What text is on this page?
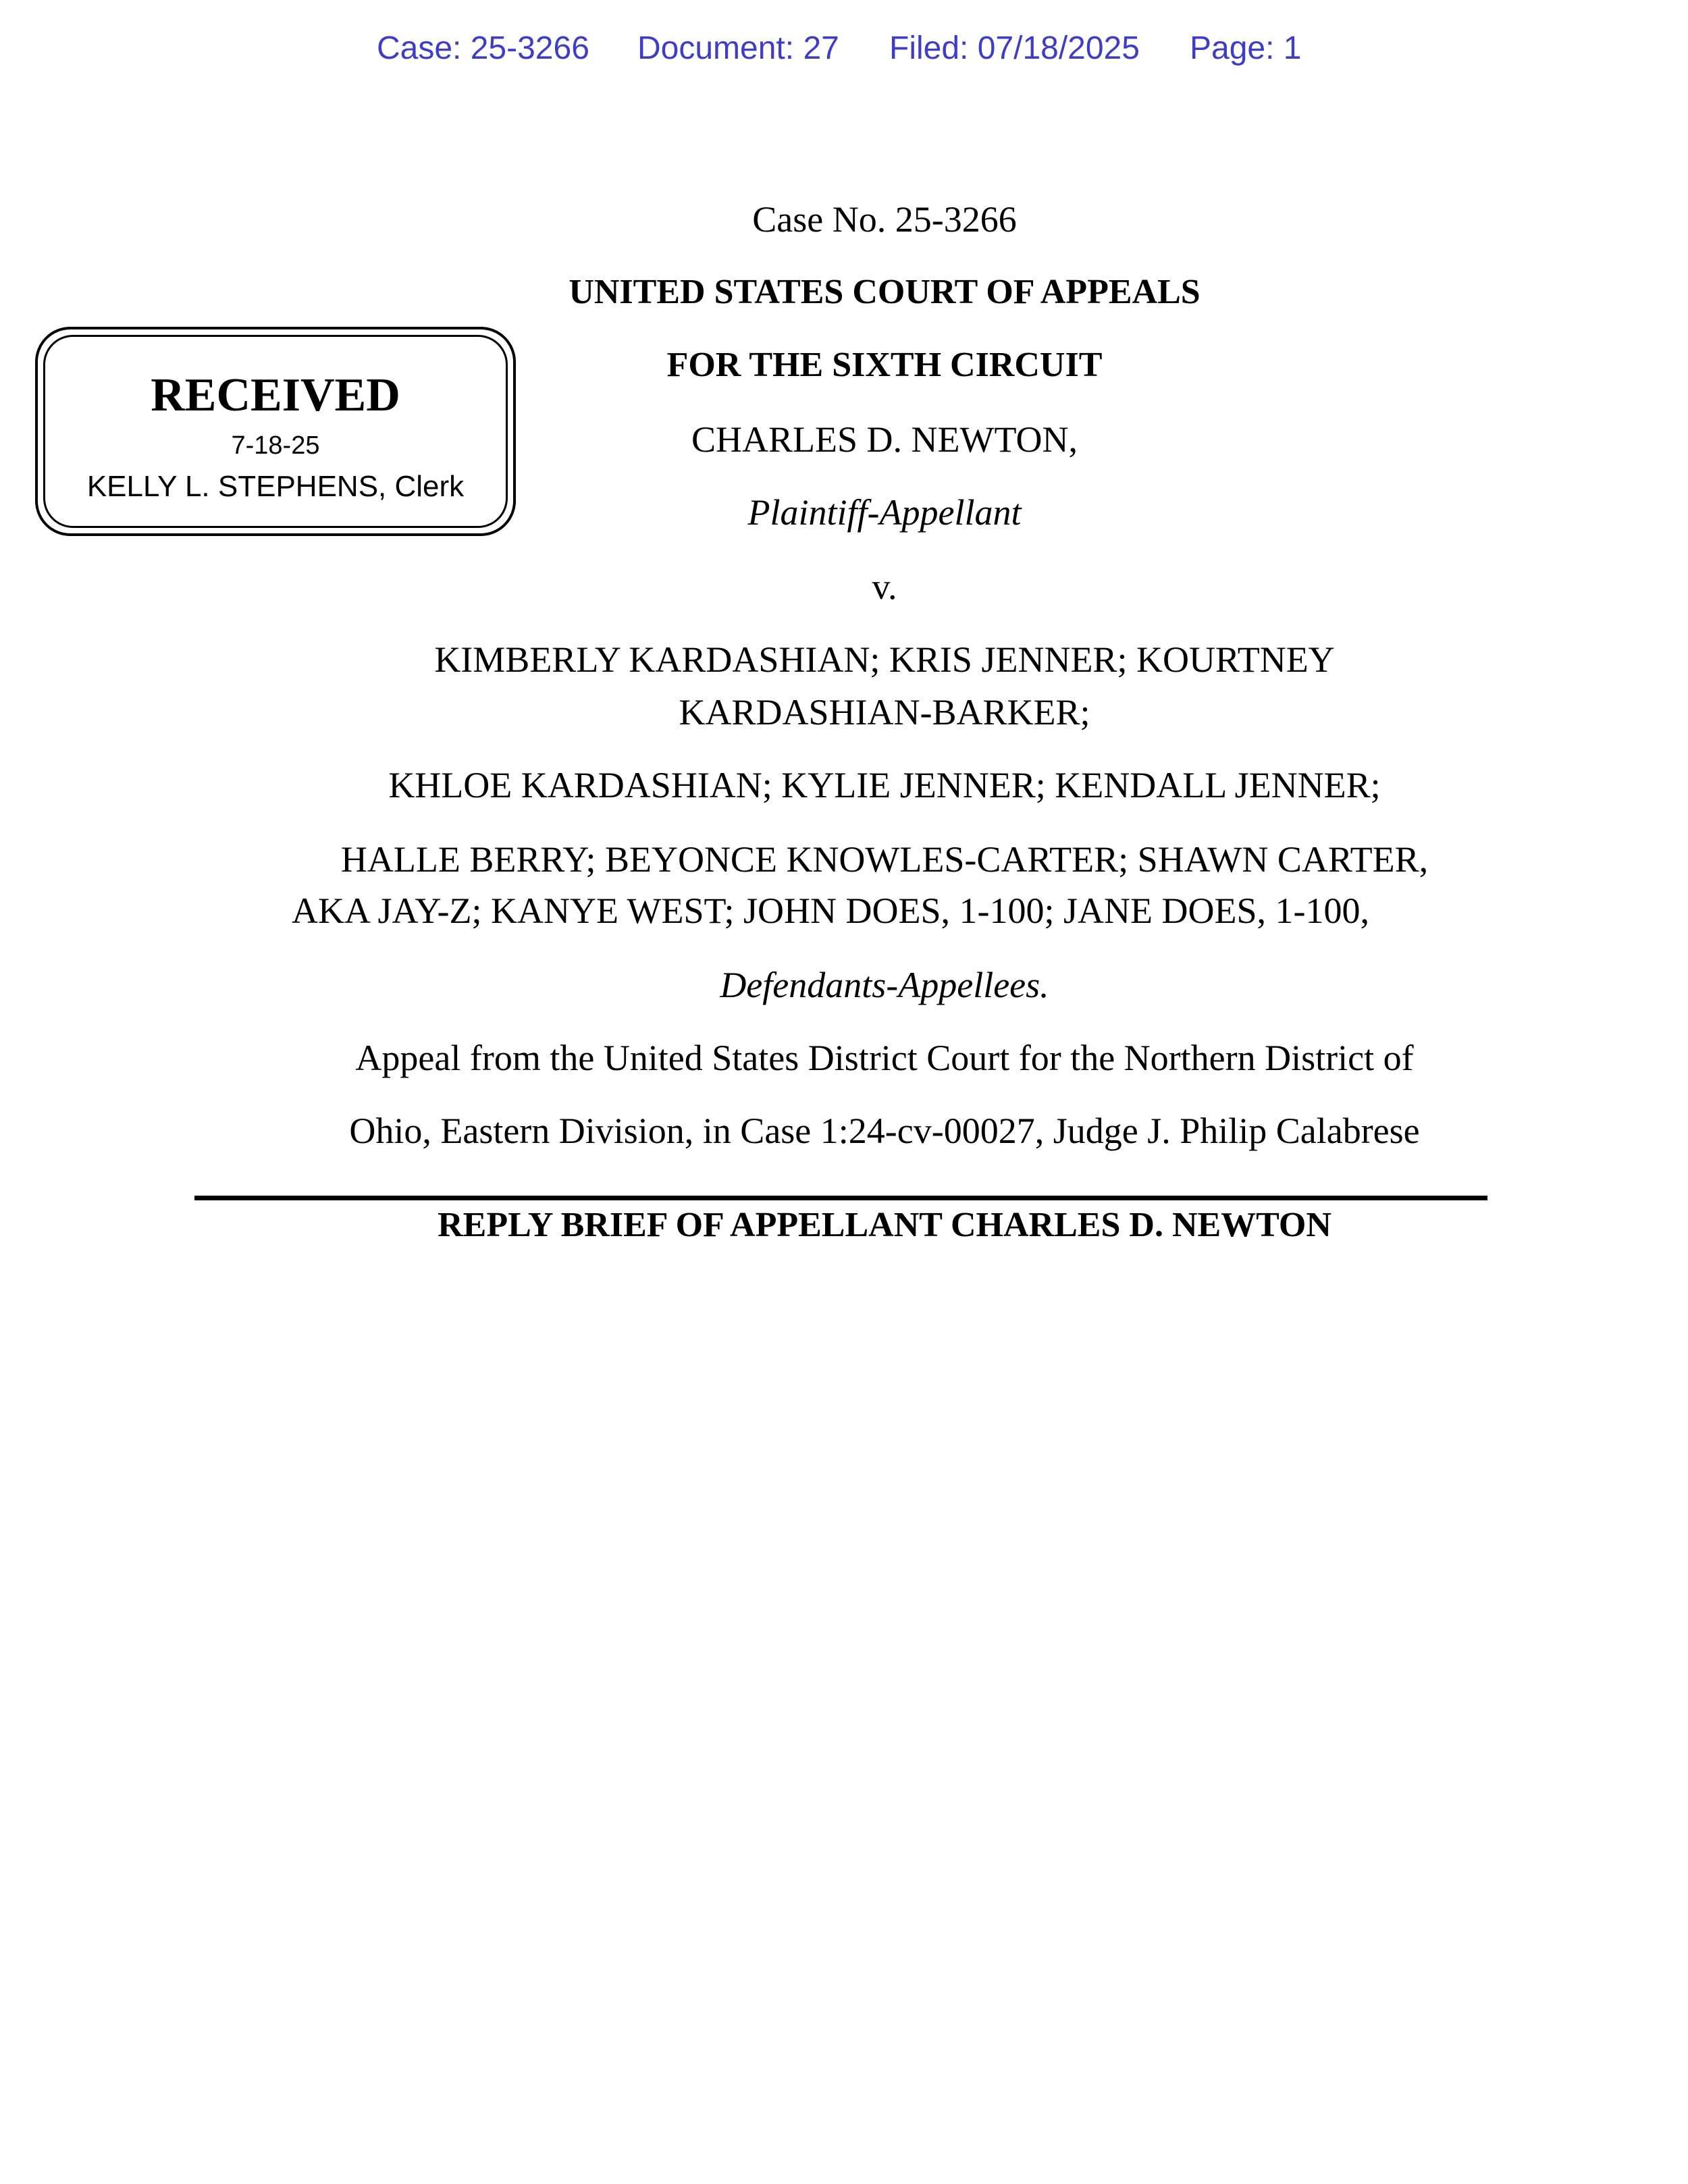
Case: 25-3266 Document: 27 Filed: 07/18/2025 Page: 1
RECEIVED
7-18-25
KELLY L. STEPHENS, Clerk
Case No. 25-3266
UNITED STATES COURT OF APPEALS
FOR THE SIXTH CIRCUIT
CHARLES D. NEWTON,
Plaintiff-Appellant
v.
KIMBERLY KARDASHIAN; KRIS JENNER; KOURTNEY
KARDASHIAN-BARKER;
KHLOE KARDASHIAN; KYLIE JENNER; KENDALL JENNER;
HALLE BERRY; BEYONCE KNOWLES-CARTER; SHAWN CARTER,
AKA JAY-Z; KANYE WEST; JOHN DOES, 1-100; JANE DOES, 1-100,
Defendants-Appellees.
Appeal from the United States District Court for the Northern District of
Ohio, Eastern Division, in Case 1:24-cv-00027, Judge J. Philip Calabrese
REPLY BRIEF OF APPELLANT CHARLES D. NEWTON
